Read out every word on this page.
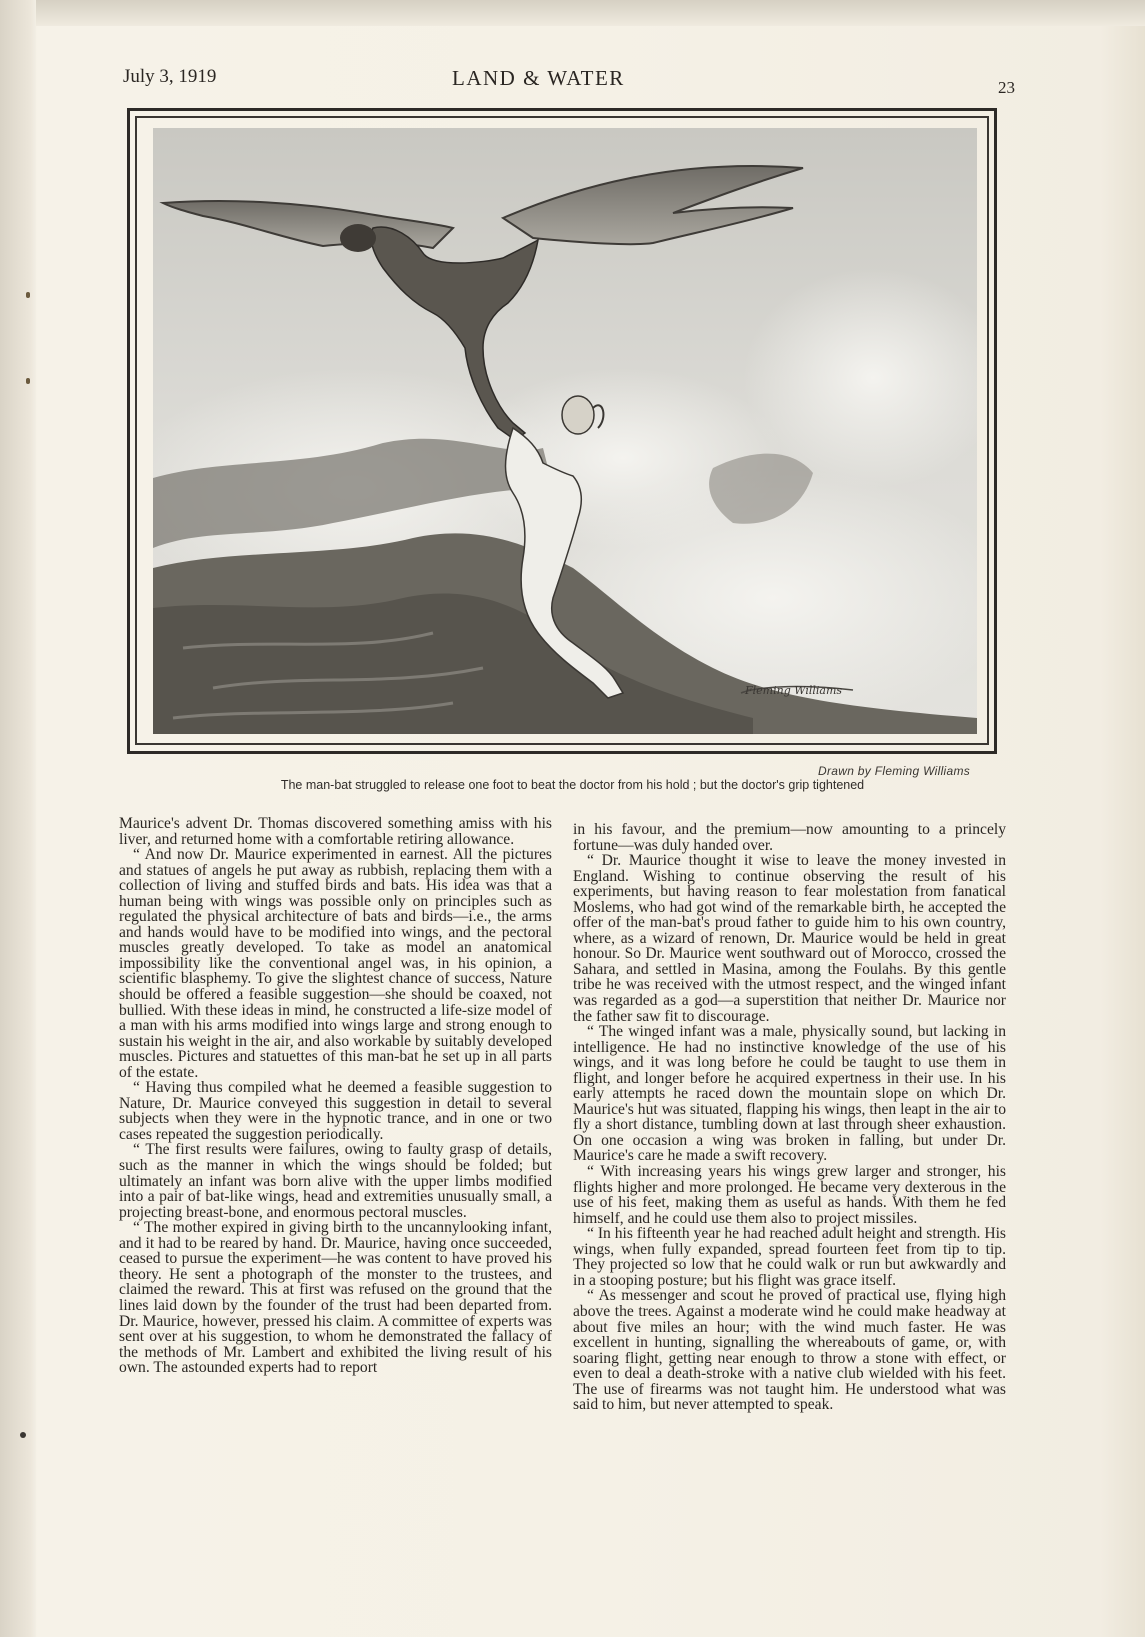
July 3, 1919	LAND & WATER	23
Fleming Williams
Drawn by Fleming Williams
The man-bat struggled to release one foot to beat the doctor from his hold ; but the doctor's grip tightened

Maurice's advent Dr. Thomas discovered something amiss with his liver, and returned home with a comfortable retiring allowance.

“ And now Dr. Maurice experimented in earnest. All the pictures and statues of angels he put away as rubbish, replacing them with a collection of living and stuffed birds and bats. His idea was that a human being with wings was possible only on principles such as regulated the physical architecture of bats and birds—i.e., the arms and hands would have to be modified into wings, and the pectoral muscles greatly developed. To take as model an anatomical impossibility like the conventional angel was, in his opinion, a scientific blasphemy. To give the slightest chance of success, Nature should be offered a feasible suggestion—she should be coaxed, not bullied. With these ideas in mind, he constructed a life-size model of a man with his arms modified into wings large and strong enough to sustain his weight in the air, and also workable by suitably developed muscles. Pictures and statuettes of this man-bat he set up in all parts of the estate.

“ Having thus compiled what he deemed a feasible suggestion to Nature, Dr. Maurice conveyed this suggestion in detail to several subjects when they were in the hypnotic trance, and in one or two cases repeated the suggestion periodically.

“ The first results were failures, owing to faulty grasp of details, such as the manner in which the wings should be folded; but ultimately an infant was born alive with the upper limbs modified into a pair of bat-like wings, head and extremities unusually small, a projecting breast-bone, and enormous pectoral muscles.

“ The mother expired in giving birth to the uncannylooking infant, and it had to be reared by hand. Dr. Maurice, having once succeeded, ceased to pursue the experiment—he was content to have proved his theory. He sent a photograph of the monster to the trustees, and claimed the reward. This at first was refused on the ground that the lines laid down by the founder of the trust had been departed from. Dr. Maurice, however, pressed his claim. A committee of experts was sent over at his suggestion, to whom he demonstrated the fallacy of the methods of Mr. Lambert and exhibited the living result of his own. The astounded experts had to report

in his favour, and the premium—now amounting to a princely fortune—was duly handed over.

“ Dr. Maurice thought it wise to leave the money invested in England. Wishing to continue observing the result of his experiments, but having reason to fear molestation from fanatical Moslems, who had got wind of the remarkable birth, he accepted the offer of the man-bat's proud father to guide him to his own country, where, as a wizard of renown, Dr. Maurice would be held in great honour. So Dr. Maurice went southward out of Morocco, crossed the Sahara, and settled in Masina, among the Foulahs. By this gentle tribe he was received with the utmost respect, and the winged infant was regarded as a god—a superstition that neither Dr. Maurice nor the father saw fit to discourage.

“ The winged infant was a male, physically sound, but lacking in intelligence. He had no instinctive knowledge of the use of his wings, and it was long before he could be taught to use them in flight, and longer before he acquired expertness in their use. In his early attempts he raced down the mountain slope on which Dr. Maurice's hut was situated, flapping his wings, then leapt in the air to fly a short distance, tumbling down at last through sheer exhaustion. On one occasion a wing was broken in falling, but under Dr. Maurice's care he made a swift recovery.

“ With increasing years his wings grew larger and stronger, his flights higher and more prolonged. He became very dexterous in the use of his feet, making them as useful as hands. With them he fed himself, and he could use them also to project missiles.

“ In his fifteenth year he had reached adult height and strength. His wings, when fully expanded, spread fourteen feet from tip to tip. They projected so low that he could walk or run but awkwardly and in a stooping posture; but his flight was grace itself.

“ As messenger and scout he proved of practical use, flying high above the trees. Against a moderate wind he could make headway at about five miles an hour; with the wind much faster. He was excellent in hunting, signalling the whereabouts of game, or, with soaring flight, getting near enough to throw a stone with effect, or even to deal a death-stroke with a native club wielded with his feet. The use of firearms was not taught him. He understood what was said to him, but never attempted to speak.
